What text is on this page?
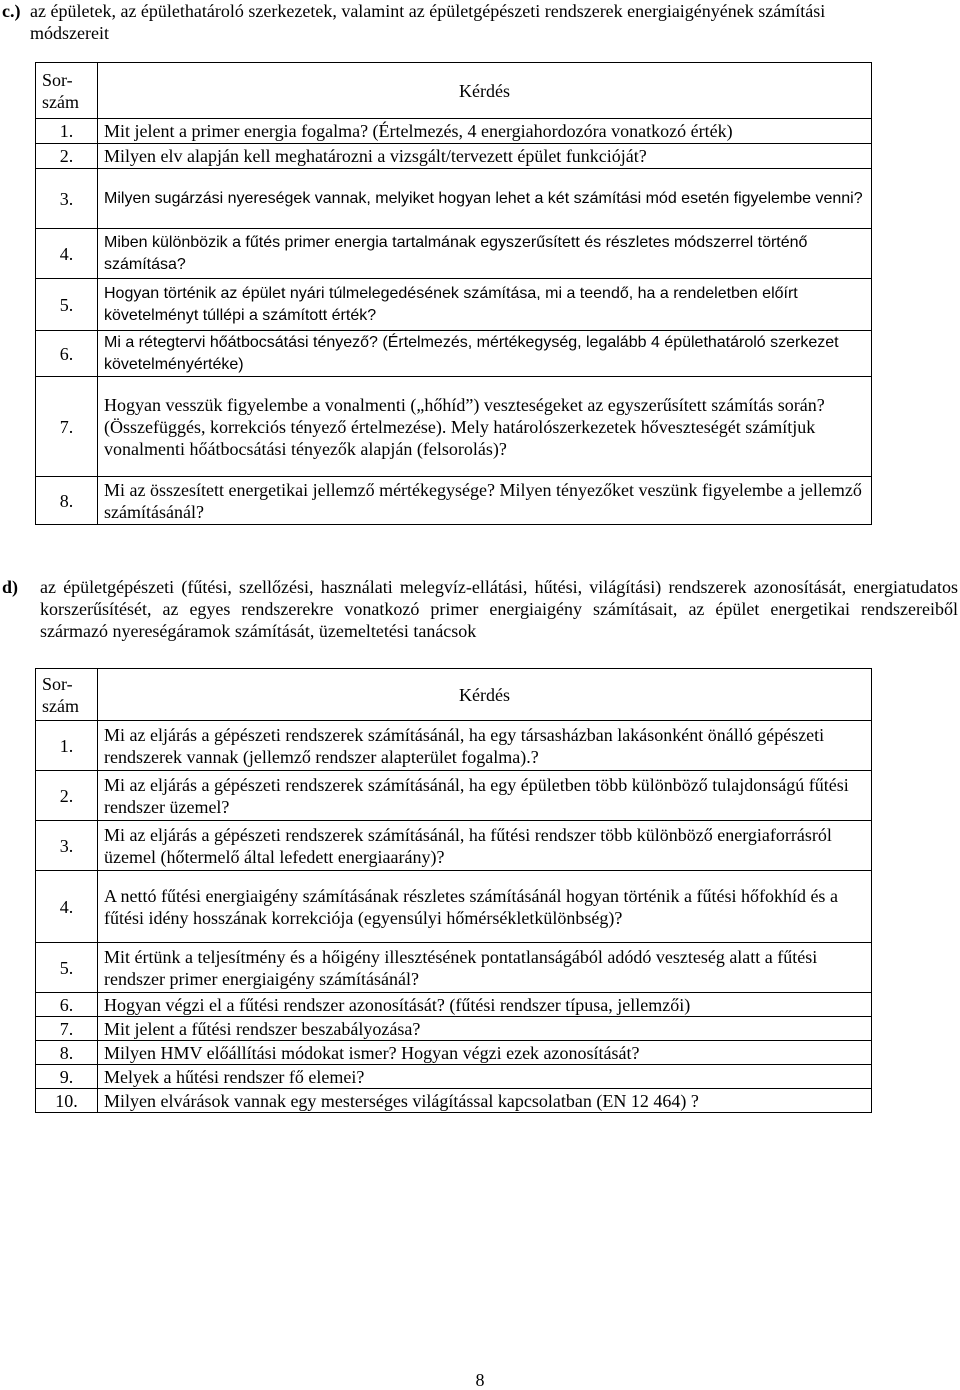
c.) az épületek, az épülethatároló szerkezetek, valamint az épületgépészeti rendszerek energiaigényének számítási módszereit
Sor-
szám	Kérdés
1.	Mit jelent a primer energia fogalma? (Értelmezés, 4 energiahordozóra vonatkozó érték)
2.	Milyen elv alapján kell meghatározni a vizsgált/tervezett épület funkcióját?
3.	Milyen sugárzási nyereségek vannak, melyiket hogyan lehet a két számítási mód esetén figyelembe venni?
4.	Miben különbözik a fűtés primer energia tartalmának egyszerűsített és részletes módszerrel történő számítása?
5.	Hogyan történik az épület nyári túlmelegedésének számítása, mi a teendő, ha a rendeletben előírt követelményt túllépi a számított érték?
6.	Mi a rétegtervi hőátbocsátási tényező? (Értelmezés, mértékegység, legalább 4 épülethatároló szerkezet követelményértéke)
7.	Hogyan vesszük figyelembe a vonalmenti („hőhíd”) veszteségeket az egyszerűsített számítás során? (Összefüggés, korrekciós tényező értelmezése). Mely határolószerkezetek hőveszteségét számítjuk vonalmenti hőátbocsátási tényezők alapján (felsorolás)?
8.	Mi az összesített energetikai jellemző mértékegysége? Milyen tényezőket veszünk figyelembe a jellemző számításánál?
d)	az épületgépészeti (fűtési, szellőzési, használati melegvíz-ellátási, hűtési, világítási) rendszerek azonosítását, energiatudatos korszerűsítését, az egyes rendszerekre vonatkozó primer energiaigény számításait, az épület energetikai rendszereiből származó nyereségáramok számítását, üzemeltetési tanácsok
Sor-
szám	Kérdés
1.	Mi az eljárás a gépészeti rendszerek számításánál, ha egy társasházban lakásonként önálló gépészeti rendszerek vannak (jellemző rendszer alapterület fogalma).?
2.	Mi az eljárás a gépészeti rendszerek számításánál, ha egy épületben több különböző tulajdonságú fűtési rendszer üzemel?
3.	Mi az eljárás a gépészeti rendszerek számításánál, ha fűtési rendszer több különböző energiaforrásról üzemel (hőtermelő által lefedett energiaarány)?
4.	A nettó fűtési energiaigény számításának részletes számításánál hogyan történik a fűtési hőfokhíd és a fűtési idény hosszának korrekciója (egyensúlyi hőmérsékletkülönbség)?
5.	Mit értünk a teljesítmény és a hőigény illesztésének pontatlanságából adódó veszteség alatt a fűtési rendszer primer energiaigény számításánál?
6.	Hogyan végzi el a fűtési rendszer azonosítását? (fűtési rendszer típusa, jellemzői)
7.	Mit jelent a fűtési rendszer beszabályozása?
8.	Milyen HMV előállítási módokat ismer? Hogyan végzi ezek azonosítását?
9.	Melyek a hűtési rendszer fő elemei?
10.	Milyen elvárások vannak egy mesterséges világítással kapcsolatban (EN 12 464) ?
8
